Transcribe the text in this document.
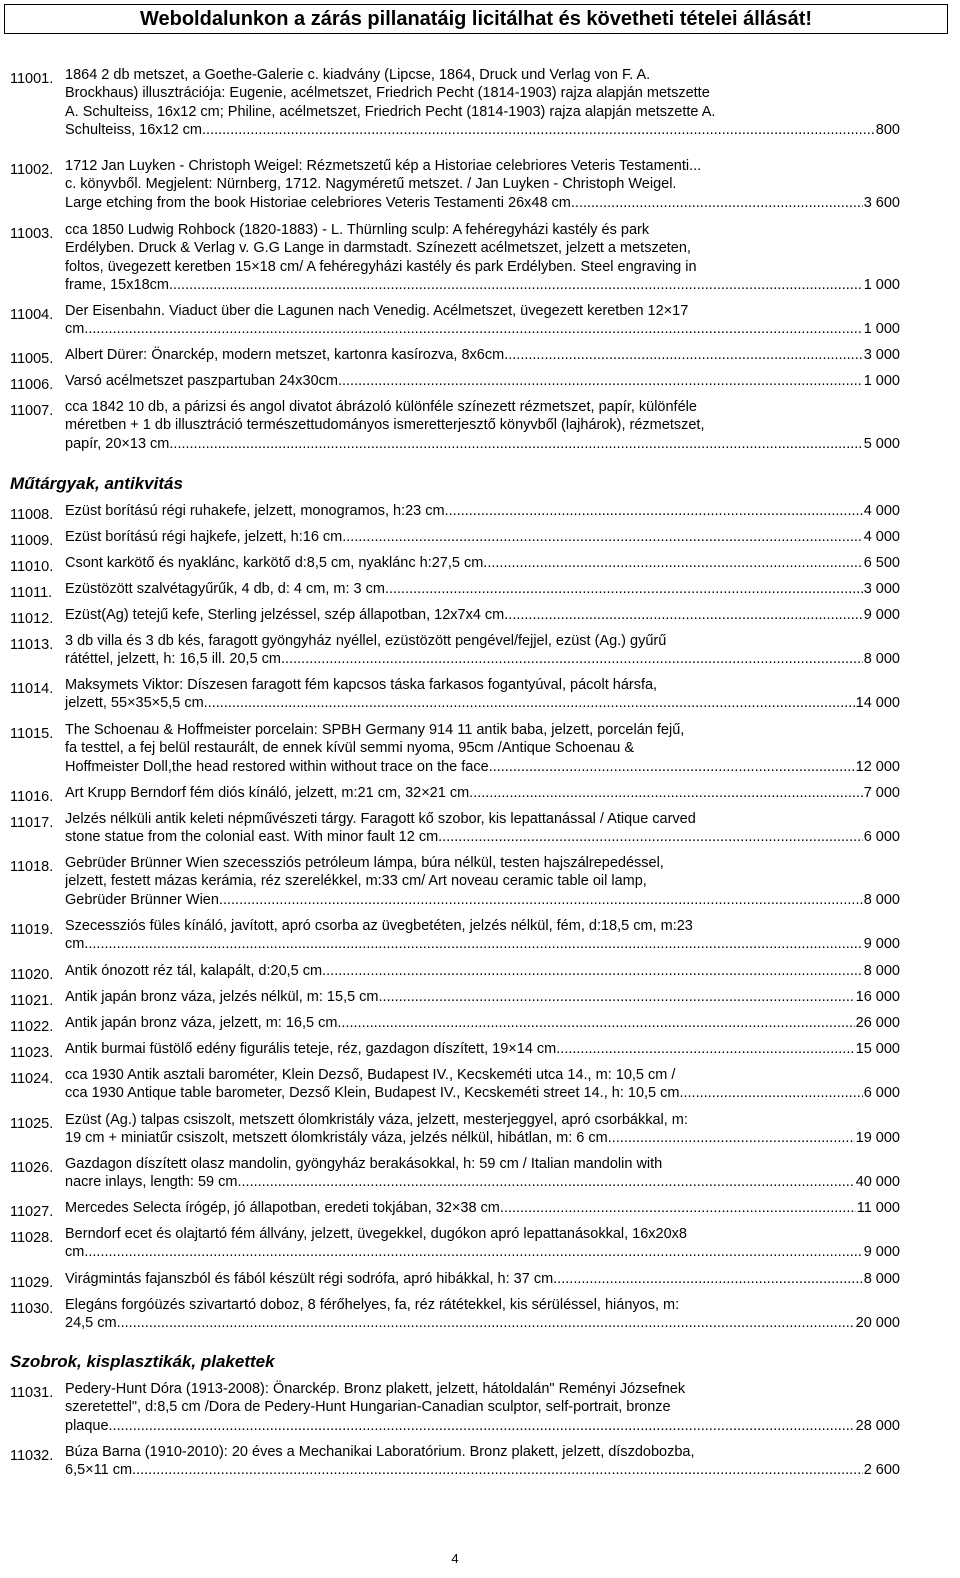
Weboldalunkon a zárás pillanatáig licitálhat és követheti tételei állását!
11001. 1864 2 db metszet, a Goethe-Galerie c. kiadvány (Lipcse, 1864, Druck und Verlag von F. A.
Brockhaus) illusztrációja: Eugenie, acélmetszet, Friedrich Pecht (1814-1903) rajza alapján metszette
A. Schulteiss, 16x12 cm; Philine, acélmetszet, Friedrich Pecht (1814-1903) rajza alapján metszette A.
Schulteiss, 16x12 cm .....	800
11002. 1712 Jan Luyken - Christoph Weigel: Rézmetszetű kép a Historiae celebriores Veteris Testamenti...
c. könyvből. Megjelent: Nürnberg, 1712. Nagyméretű metszet. / Jan Luyken - Christoph Weigel.
Large etching from the book Historiae celebriores Veteris Testamenti 26x48 cm .....	3 600
11003. cca 1850 Ludwig Rohbock (1820-1883) - L. Thürnling sculp: A fehéregyházi kastély és park
Erdélyben. Druck & Verlag v. G.G Lange in darmstadt. Színezett acélmetszet, jelzett a metszeten,
foltos, üvegezett keretben 15×18 cm/ A fehéregyházi kastély és park Erdélyben. Steel engraving in
frame, 15x18cm .....	1 000
11004. Der Eisenbahn. Viaduct über die Lagunen nach Venedig. Acélmetszet, üvegezett keretben 12×17
cm .....	1 000
11005. Albert Dürer: Önarckép, modern metszet, kartonra kasírozva, 8x6cm .....	3 000
11006. Varsó acélmetszet paszpartuban 24x30cm .....	1 000
11007. cca 1842 10 db, a párizsi és angol divatot ábrázoló különféle színezett rézmetszet, papír, különféle
méretben + 1 db illusztráció természettudományos ismeretterjesztő könyvből (lajhárok), rézmetszet,
papír, 20×13 cm .....	5 000
Műtárgyak, antikvitás
11008. Ezüst borítású régi ruhakefe, jelzett, monogramos, h:23 cm .....	4 000
11009. Ezüst borítású régi hajkefe, jelzett, h:16 cm .....	4 000
11010. Csont karkötő és nyaklánc, karkötő d:8,5 cm, nyaklánc h:27,5 cm .....	6 500
11011. Ezüstözött szalvétagyűrűk, 4 db, d: 4 cm, m: 3 cm .....	3 000
11012. Ezüst(Ag) tetejű kefe, Sterling jelzéssel, szép állapotban, 12x7x4 cm .....	9 000
11013. 3 db villa és 3 db kés, faragott gyöngyház nyéllel, ezüstözött pengével/fejjel, ezüst (Ag.) gyűrű
rátéttel, jelzett, h: 16,5 ill. 20,5 cm .....	8 000
11014. Maksymets Viktor: Díszesen faragott fém kapcsos táska farkasos fogantyúval, pácolt hársfa,
jelzett, 55×35×5,5 cm .....	14 000
11015. The Schoenau & Hoffmeister porcelain: SPBH Germany 914 11 antik baba, jelzett, porcelán fejű,
fa testtel, a fej belül restaurált, de ennek kívül semmi nyoma, 95cm /Antique Schoenau &
Hoffmeister Doll,the head restored within without trace on the face .....	12 000
11016. Art Krupp Berndorf fém diós kínáló, jelzett, m:21 cm, 32×21 cm .....	7 000
11017. Jelzés nélküli antik keleti népművészeti tárgy. Faragott kő szobor, kis lepattanással / Atique carved
stone statue from the colonial east. With minor fault 12 cm .....	6 000
11018. Gebrüder Brünner Wien szecessziós petróleum lámpa, búra nélkül, testen hajszálrepedéssel,
jelzett, festett mázas kerámia, réz szerelékkel, m:33 cm/ Art noveau ceramic table oil lamp,
Gebrüder Brünner Wien .....	8 000
11019. Szecessziós füles kínáló, javított, apró csorba az üvegbetéten, jelzés nélkül, fém, d:18,5 cm, m:23
cm .....	9 000
11020. Antik ónozott réz tál, kalapált, d:20,5 cm .....	8 000
11021. Antik japán bronz váza, jelzés nélkül, m: 15,5 cm .....	16 000
11022. Antik japán bronz váza, jelzett, m: 16,5 cm .....	26 000
11023. Antik burmai füstölő edény figurális teteje, réz, gazdagon díszített, 19×14 cm .....	15 000
11024. cca 1930 Antik asztali barométer, Klein Dezső, Budapest IV., Kecskeméti utca 14., m: 10,5 cm /
cca 1930 Antique table barometer, Dezső Klein, Budapest IV., Kecskeméti street 14., h: 10,5 cm .....	6 000
11025. Ezüst (Ag.) talpas csiszolt, metszett ólomkristály váza, jelzett, mesterjeggyel, apró csorbákkal, m:
19 cm + miniatűr csiszolt, metszett ólomkristály váza, jelzés nélkül, hibátlan, m: 6 cm .....	19 000
11026. Gazdagon díszített olasz mandolin, gyöngyház berakásokkal, h: 59 cm / Italian mandolin with
nacre inlays, length: 59 cm .....	40 000
11027. Mercedes Selecta írógép, jó állapotban, eredeti tokjában, 32×38 cm .....	11 000
11028. Berndorf ecet és olajtartó fém állvány, jelzett, üvegekkel, dugókon apró lepattanásokkal, 16x20x8
cm .....	9 000
11029. Virágmintás fajanszból és fából készült régi sodrófa, apró hibákkal, h: 37 cm .....	8 000
11030. Elegáns forgóüzés szivartartó doboz, 8 férőhelyes, fa, réz rátétekkel, kis sérüléssel, hiányos, m:
24,5 cm .....	20 000
Szobrok, kisplasztikák, plakettek
11031. Pedery-Hunt Dóra (1913-2008): Önarckép. Bronz plakett, jelzett, hátoldalán" Reményi Józsefnek
szeretettel", d:8,5 cm /Dora de Pedery-Hunt Hungarian-Canadian sculptor, self-portrait, bronze
plaque .....	28 000
11032. Búza Barna (1910-2010): 20 éves a Mechanikai Laboratórium. Bronz plakett, jelzett, díszdobozba,
6,5×11 cm .....	2 600
4
